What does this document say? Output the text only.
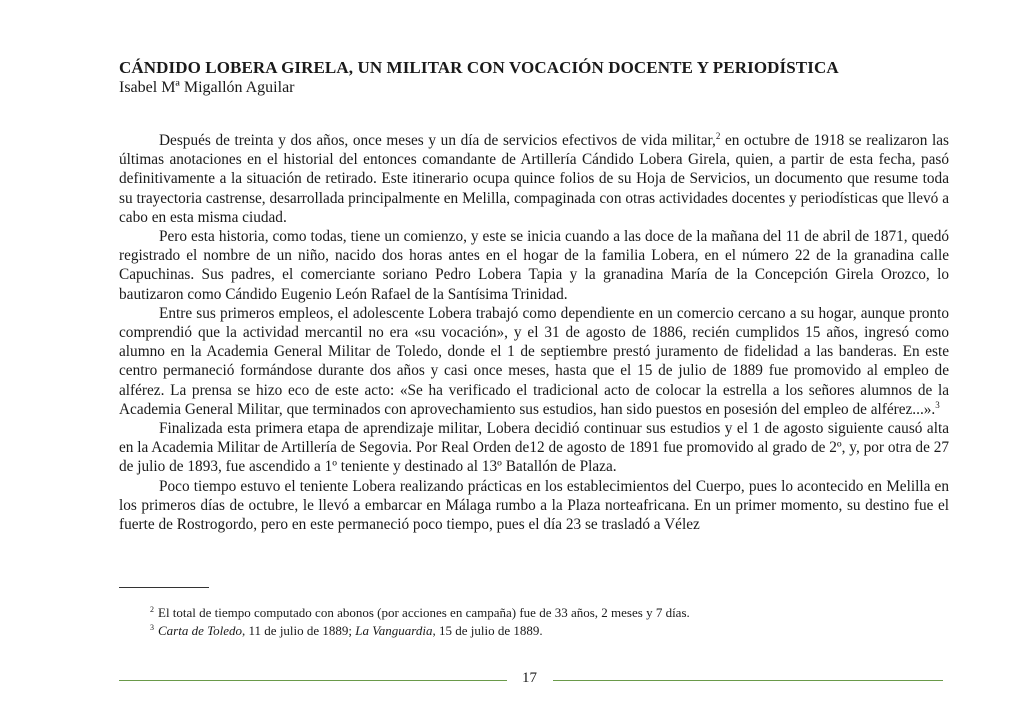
CÁNDIDO LOBERA GIRELA, UN MILITAR CON VOCACIÓN DOCENTE Y PERIODÍSTICA
Isabel Mª Migallón Aguilar

Después de treinta y dos años, once meses y un día de servicios efectivos de vida militar,$^2$ en octubre de 1918 se realizaron las últimas anotaciones en el historial del entonces comandante de Artillería Cándido Lobera Girela, quien, a partir de esta fecha, pasó definitivamente a la situación de retirado. Este itinerario ocupa quince folios de su Hoja de Servicios, un documento que resume toda su trayectoria castrense, desarrollada principalmente en Melilla, compaginada con otras actividades docentes y periodísticas que llevó a cabo en esta misma ciudad.

Pero esta historia, como todas, tiene un comienzo, y este se inicia cuando a las doce de la mañana del 11 de abril de 1871, quedó registrado el nombre de un niño, nacido dos horas antes en el hogar de la familia Lobera, en el número 22 de la granadina calle Capuchinas. Sus padres, el comerciante soriano Pedro Lobera Tapia y la granadina María de la Concepción Girela Orozco, lo bautizaron como Cándido Eugenio León Rafael de la Santísima Trinidad.

Entre sus primeros empleos, el adolescente Lobera trabajó como dependiente en un comercio cercano a su hogar, aunque pronto comprendió que la actividad mercantil no era «su vocación», y el 31 de agosto de 1886, recién cumplidos 15 años, ingresó como alumno en la Academia General Militar de Toledo, donde el 1 de septiembre prestó juramento de fidelidad a las banderas. En este centro permaneció formándose durante dos años y casi once meses, hasta que el 15 de julio de 1889 fue promovido al empleo de alférez. La prensa se hizo eco de este acto: «Se ha verificado el tradicional acto de colocar la estrella a los señores alumnos de la Academia General Militar, que terminados con aprovechamiento sus estudios, han sido puestos en posesión del empleo de alférez...».$^3$

Finalizada esta primera etapa de aprendizaje militar, Lobera decidió continuar sus estudios y el 1 de agosto siguiente causó alta en la Academia Militar de Artillería de Segovia. Por Real Orden de12 de agosto de 1891 fue promovido al grado de 2º, y, por otra de 27 de julio de 1893, fue ascendido a 1º teniente y destinado al 13º Batallón de Plaza.

Poco tiempo estuvo el teniente Lobera realizando prácticas en los establecimientos del Cuerpo, pues lo acontecido en Melilla en los primeros días de octubre, le llevó a embarcar en Málaga rumbo a la Plaza norteafricana. En un primer momento, su destino fue el fuerte de Rostrogordo, pero en este permaneció poco tiempo, pues el día 23 se trasladó a Vélez

$^2$ El total de tiempo computado con abonos (por acciones en campaña) fue de 33 años, 2 meses y 7 días.
$^3$ Carta de Toledo, 11 de julio de 1889; La Vanguardia, 15 de julio de 1889.
17
